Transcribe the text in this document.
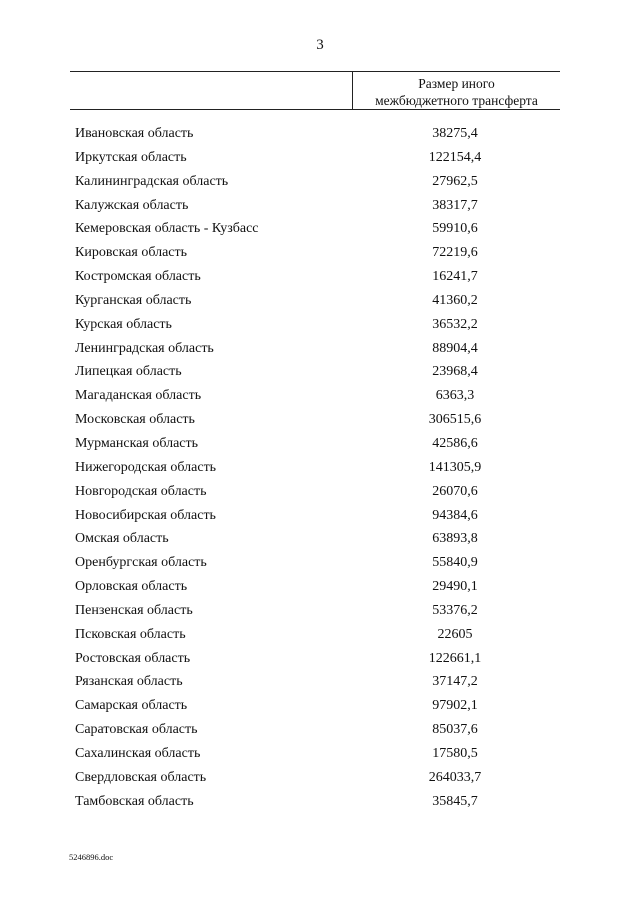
3
Размер иного
межбюджетного трансферта
Ивановская область	38275,4
Иркутская область	122154,4
Калининградская область	27962,5
Калужская область	38317,7
Кемеровская область - Кузбасс	59910,6
Кировская область	72219,6
Костромская область	16241,7
Курганская область	41360,2
Курская область	36532,2
Ленинградская область	88904,4
Липецкая область	23968,4
Магаданская область	6363,3
Московская область	306515,6
Мурманская область	42586,6
Нижегородская область	141305,9
Новгородская область	26070,6
Новосибирская область	94384,6
Омская область	63893,8
Оренбургская область	55840,9
Орловская область	29490,1
Пензенская область	53376,2
Псковская область	22605
Ростовская область	122661,1
Рязанская область	37147,2
Самарская область	97902,1
Саратовская область	85037,6
Сахалинская область	17580,5
Свердловская область	264033,7
Тамбовская область	35845,7
5246896.doc
